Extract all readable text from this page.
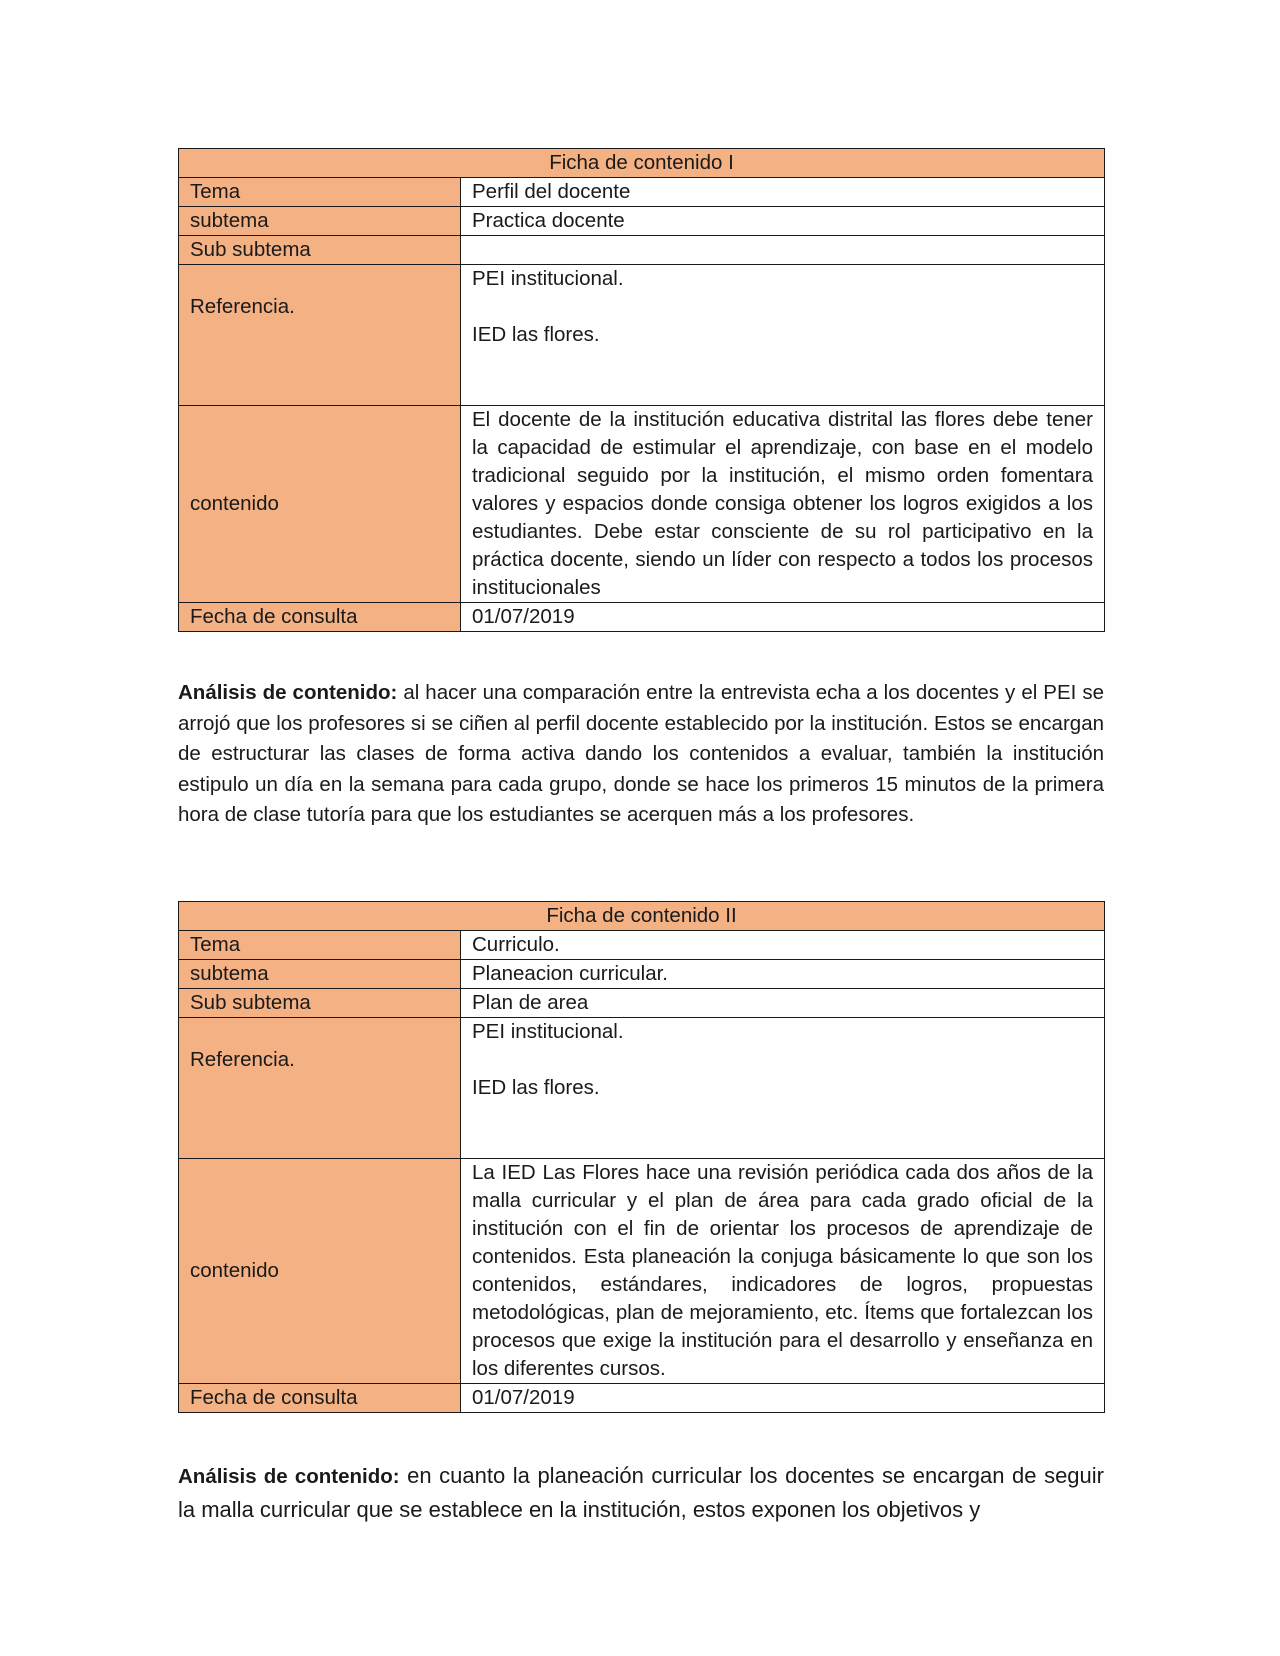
Ficha de contenido I	
Tema	Perfil del docente
subtema	Practica docente
Sub subtema	
Referencia.	PEI institucional.
IED las flores.

contenido	El docente de la institución educativa distrital las flores debe tener la capacidad de estimular el aprendizaje, con base en el modelo tradicional seguido por la institución, el mismo orden fomentara valores y espacios donde consiga obtener los logros exigidos a los estudiantes. Debe estar consciente de su rol participativo en la práctica docente, siendo un líder con respecto a todos los procesos institucionales
Fecha de consulta	01/07/2019

Análisis de contenido: al hacer una comparación entre la entrevista echa a los docentes y el PEI se arrojó que los profesores si se ciñen al perfil docente establecido por la institución. Estos se encargan de estructurar las clases de forma activa dando los contenidos a evaluar, también la institución estipulo un día en la semana para cada grupo, donde se hace los primeros 15 minutos de la primera hora de clase tutoría para que los estudiantes se acerquen más a los profesores.

Ficha de contenido II	
Tema	Curriculo.
subtema	Planeacion curricular.
Sub subtema	Plan de area
Referencia.	PEI institucional.
IED las flores.

contenido	La IED Las Flores hace una revisión periódica cada dos años de la malla curricular y el plan de área para cada grado oficial de la institución con el fin de orientar los procesos de aprendizaje de contenidos. Esta planeación la conjuga básicamente lo que son los contenidos, estándares, indicadores de logros, propuestas metodológicas, plan de mejoramiento, etc. Ítems que fortalezcan los procesos que exige la institución para el desarrollo y enseñanza en los diferentes cursos.
Fecha de consulta	01/07/2019

Análisis de contenido: en cuanto la planeación curricular los docentes se encargan de seguir la malla curricular que se establece en la institución, estos exponen los objetivos y
